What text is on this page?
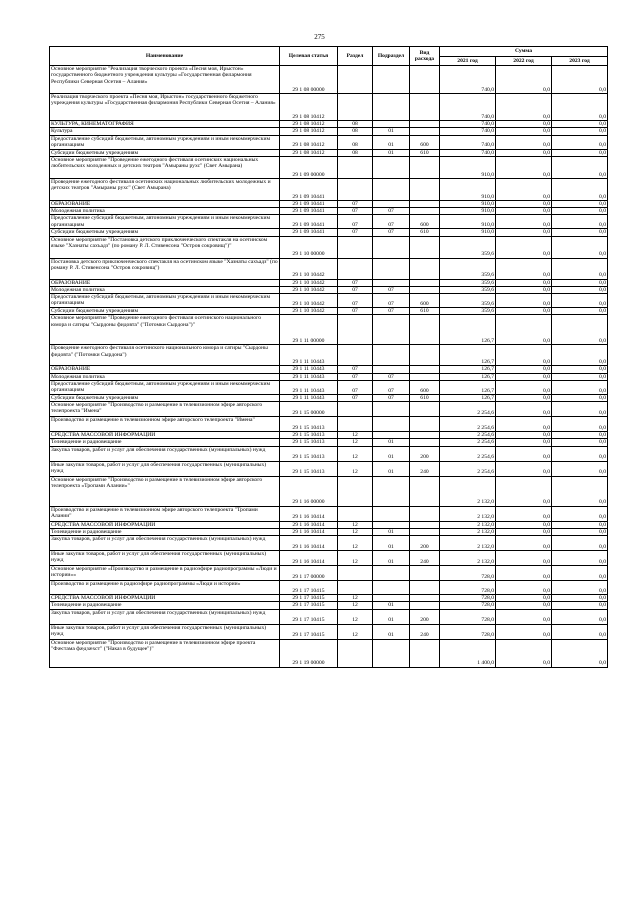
275
Наименование	Целевая статья	Раздел	Подраздел	Вид расхода	Сумма		
					2021 год	2022 год	2023 год
Основное мероприятие "Реализация творческого проекта «Песня моя, Ирыстон» государственного бюджетного учреждения культуры «Государственная филармония Республики Северная Осетия – Алания»	29 1 08 00000				740,0	0,0	0,0
Реализация творческого проекта «Песня моя, Ирыстон» государственного бюджетного учреждения культуры «Государственная филармония Республики Северная Осетия – Алания»	29 1 08 10412				740,0	0,0	0,0
КУЛЬТУРА, КИНЕМАТОГРАФИЯ	29 1 08 10412	08			740,0	0,0	0,0
Культура	29 1 08 10412	08	01		740,0	0,0	0,0
Предоставление субсидий бюджетным, автономным учреждениям и иным некоммерческим организациям	29 1 08 10412	08	01	600	740,0	0,0	0,0
Субсидии бюджетным учреждениям	29 1 08 10412	08	01	610	740,0	0,0	0,0
Основное мероприятие "Проведение ежегодного фестиваля осетинских национальных любительских молодежных и детских театров "Амыраны рухс" (Свет Амырана)	29 1 09 00000				910,0	0,0	0,0
Проведение ежегодного фестиваля осетинских национальных любительских молодежных и детских театров "Амыраны рухс" (Свет Амырана)	29 1 09 10441				910,0	0,0	0,0
ОБРАЗОВАНИЕ	29 1 09 10441	07			910,0	0,0	0,0
Молодежная политика	29 1 09 10441	07	07		910,0	0,0	0,0
Предоставление субсидий бюджетным, автономным учреждениям и иным некоммерческим организациям	29 1 09 10441	07	07	600	910,0	0,0	0,0
Субсидии бюджетным учреждениям	29 1 09 10441	07	07	610	910,0	0,0	0,0
Основное мероприятие "Постановка детского приключенческого спектакля на осетинском языке "Хазнаты сахъадз" (по роману Р. Л. Стивенсона "Остров сокровищ")"	29 1 10 00000				359,6	0,0	0,0
Постановка детского приключенческого спектакля на осетинском языке "Хазнаты сахъадз" (по роману Р. Л. Стивенсона "Остров сокровищ")	29 1 10 10442				359,6	0,0	0,0
ОБРАЗОВАНИЕ	29 1 10 10442	07			359,6	0,0	0,0
Молодежная политика	29 1 10 10442	07	07		359,6	0,0	0,0
Предоставление субсидий бюджетным, автономным учреждениям и иным некоммерческим организациям	29 1 10 10442	07	07	600	359,6	0,0	0,0
Субсидии бюджетным учреждениям	29 1 10 10442	07	07	610	359,6	0,0	0,0
Основное мероприятие "Проведение ежегодного фестиваля осетинского национального юмора и сатиры "Сырдоны фидовта" ("Потомки Сырдона")"	29 1 11 00000				126,7	0,0	0,0
Проведение ежегодного фестиваля осетинского национального юмора и сатиры "Сырдоны фидовта" ("Потомки Сырдона")	29 1 11 10443				126,7	0,0	0,0
ОБРАЗОВАНИЕ	29 1 11 10443	07			126,7	0,0	0,0
Молодежная политика	29 1 11 10443	07	07		126,7	0,0	0,0
Предоставление субсидий бюджетным, автономным учреждениям и иным некоммерческим организациям	29 1 11 10443	07	07	600	126,7	0,0	0,0
Субсидии бюджетным учреждениям	29 1 11 10443	07	07	610	126,7	0,0	0,0
Основное мероприятие "Производство и размещение в телевизионном эфире авторского телепроекта "Имена"	29 1 15 00000				2 254,6	0,0	0,0
Производство и размещение в телевизионном эфире авторского телепроекта "Имена"	29 1 15 10413				2 254,6	0,0	0,0
СРЕДСТВА МАССОВОЙ ИНФОРМАЦИИ	29 1 15 10413	12			2 254,6	0,0	0,0
Телевидение и радиовещание	29 1 15 10413	12	01		2 254,6	0,0	0,0
Закупка товаров, работ и услуг для обеспечения государственных (муниципальных) нужд	29 1 15 10413	12	01	200	2 254,6	0,0	0,0
Иные закупки товаров, работ и услуг для обеспечения государственных (муниципальных) нужд	29 1 15 10413	12	01	240	2 254,6	0,0	0,0
Основное мероприятие "Производство и размещение в телевизионном эфире авторского телепроекта «Тропами Алании»"	29 1 16 00000				2 132,0	0,0	0,0
Производство и размещение в телевизионном эфире авторского телепроекта "Тропами Алании"	29 1 16 10414				2 132,0	0,0	0,0
СРЕДСТВА МАССОВОЙ ИНФОРМАЦИИ	29 1 16 10414	12			2 132,0	0,0	0,0
Телевидение и радиовещание	29 1 16 10414	12	01		2 132,0	0,0	0,0
Закупка товаров, работ и услуг для обеспечения государственных (муниципальных) нужд	29 1 16 10414	12	01	200	2 132,0	0,0	0,0
Иные закупки товаров, работ и услуг для обеспечения государственных (муниципальных) нужд	29 1 16 10414	12	01	240	2 132,0	0,0	0,0
Основное мероприятие «Производство и размещение в радиоэфире радиопрограммы «Люди и истории»»	29 1 17 00000				728,0	0,0	0,0
Производство и размещение в радиоэфире радиопрограммы «Люди и истории»	29 1 17 10415				728,0	0,0	0,0
СРЕДСТВА МАССОВОЙ ИНФОРМАЦИИ	29 1 17 10415	12			728,0	0,0	0,0
Телевидение и радиовещание	29 1 17 10415	12	01		728,0	0,0	0,0
Закупка товаров, работ и услуг для обеспечения государственных (муниципальных) нужд	29 1 17 10415	12	01	200	728,0	0,0	0,0
Иные закупки товаров, работ и услуг для обеспечения государственных (муниципальных) нужд	29 1 17 10415	12	01	240	728,0	0,0	0,0
Основное мероприятие "Производство и размещение в телевизионном эфире проекта "Фæстама фæдзæхст" ("Наказ в будущее")"	29 1 19 00000				1 400,0	0,0	0,0
